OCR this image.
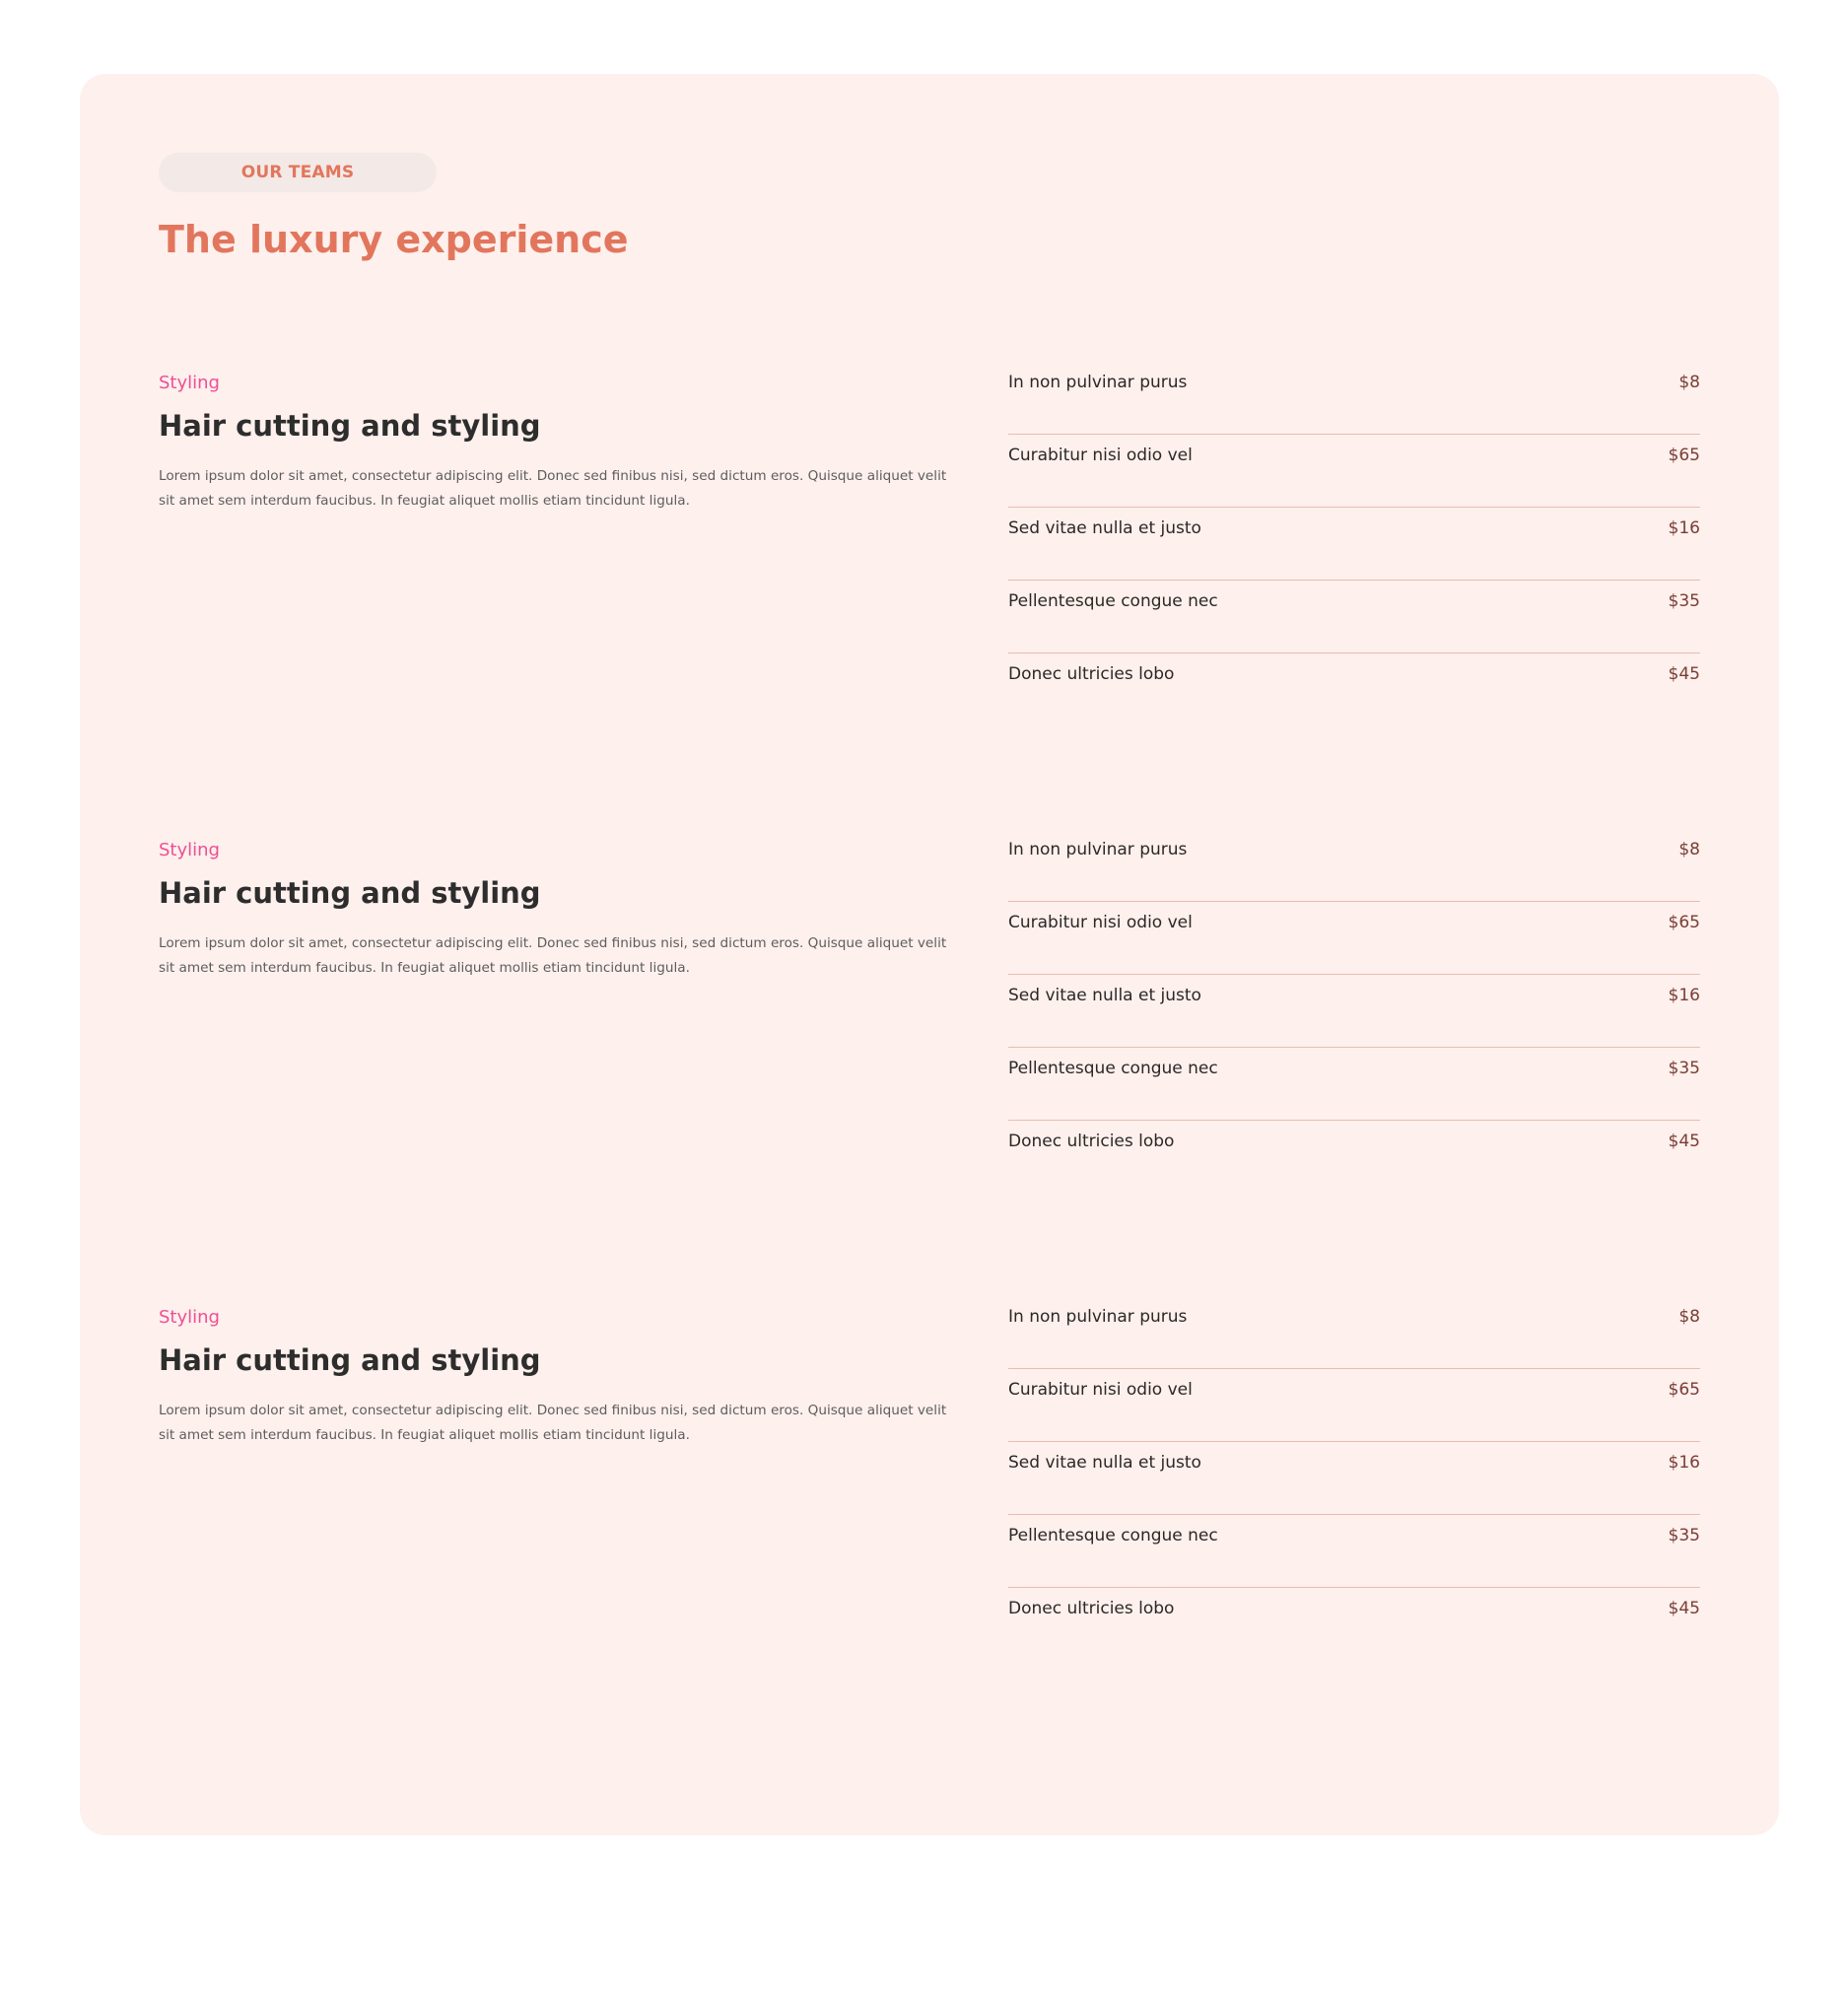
OUR TEAMS
The luxury experience
Styling
Hair cutting and styling

Lorem ipsum dolor sit amet, consectetur adipiscing elit. Donec sed finibus nisi, sed dictum eros. Quisque aliquet velit sit amet sem interdum faucibus. In feugiat aliquet mollis etiam tincidunt ligula.

In non pulvinar purus	$8
Curabitur nisi odio vel	$65
Sed vitae nulla et justo	$16
Pellentesque congue nec	$35
Donec ultricies lobo	$45
Styling
Hair cutting and styling

Lorem ipsum dolor sit amet, consectetur adipiscing elit. Donec sed finibus nisi, sed dictum eros. Quisque aliquet velit sit amet sem interdum faucibus. In feugiat aliquet mollis etiam tincidunt ligula.

In non pulvinar purus	$8
Curabitur nisi odio vel	$65
Sed vitae nulla et justo	$16
Pellentesque congue nec	$35
Donec ultricies lobo	$45
Styling
Hair cutting and styling

Lorem ipsum dolor sit amet, consectetur adipiscing elit. Donec sed finibus nisi, sed dictum eros. Quisque aliquet velit sit amet sem interdum faucibus. In feugiat aliquet mollis etiam tincidunt ligula.

In non pulvinar purus	$8
Curabitur nisi odio vel	$65
Sed vitae nulla et justo	$16
Pellentesque congue nec	$35
Donec ultricies lobo	$45
